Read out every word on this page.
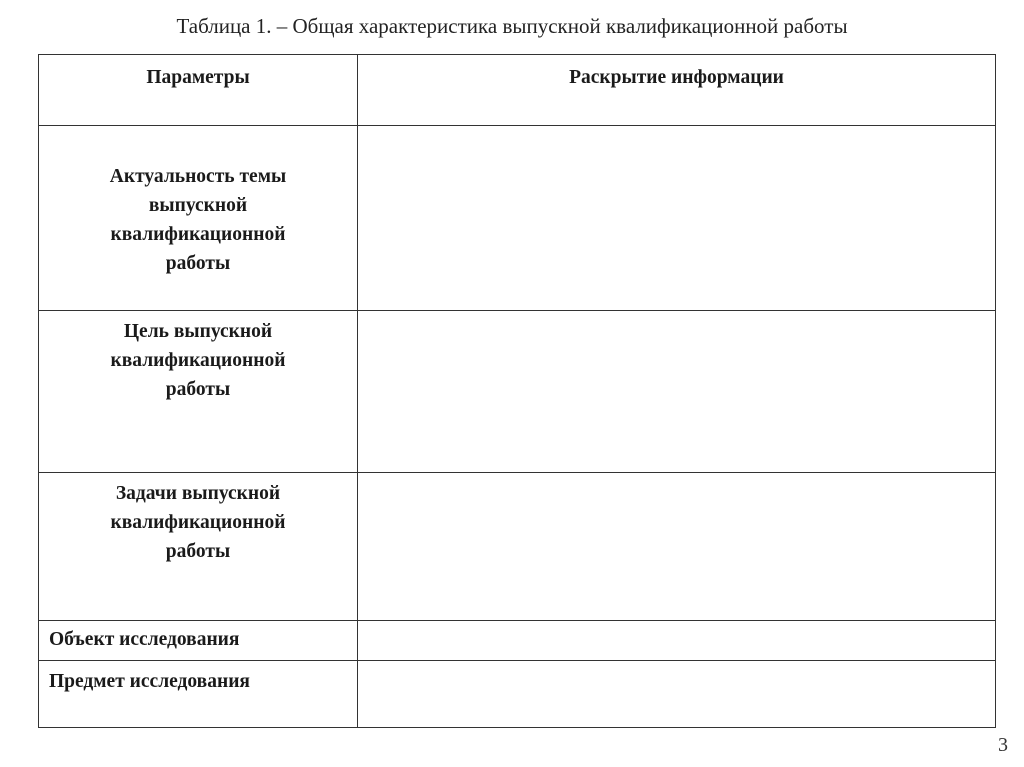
Таблица 1. – Общая характеристика выпускной квалификационной работы
Параметры	Раскрытие информации

Актуальность темы выпускной квалификационной работы	

Цель выпускной квалификационной работы	

Задачи выпускной квалификационной работы	

Объект исследования	

Предмет исследования	

3
